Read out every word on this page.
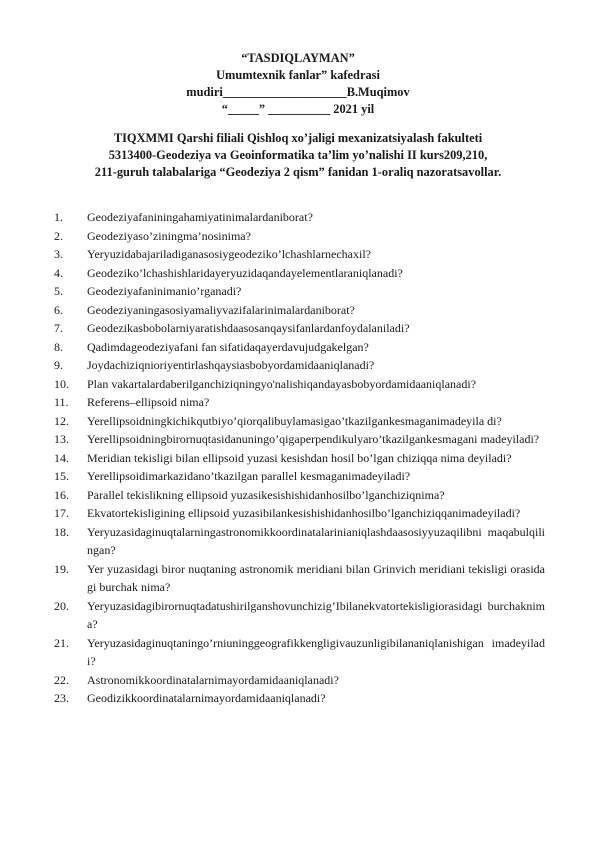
“TASDIQLAYMAN”
Umumtexnik fanlar” kafedrasi
mudiri____________________B.Muqimov
“_____” __________ 2021 yil
TIQXMMI Qarshi filiali Qishloq xo’jaligi mexanizatsiyalash fakulteti
5313400-Geodeziya va Geoinformatika ta’lim yo’nalishi II kurs209,210,
211-guruh talabalariga “Geodeziya 2 qism” fanidan 1-oraliq nazoratsavollar.
1.	Geodeziyafaniningahamiyatinimalardaniborat?
2.	Geodeziyaso’ziningma’nosinima?
3.	Yeryuzidabajariladiganasosiygeodeziko’lchashlarnechaxil?
4.	Geodeziko’lchashishlaridayeryuzidaqandayelementlaraniqlanadi?
5.	Geodeziyafaninimanio’rganadi?
6.	Geodeziyaningasosiyamaliyvazifalarinimalardaniborat?
7.	Geodezikasbobolarniyaratishdaasosanqaysifanlardanfoydalaniladi?
8.	Qadimdageodeziyafani fan sifatidaqayerdavujudgakelgan?
9.	Joydachiziqnioriyentirlashqaysiasbobyordamidaaniqlanadi?
10.	Plan vakartalardaberilganchiziqningyo'nalishiqandayasbobyordamidaaniqlanadi?
11.	Referens–ellipsoid nima?
12.	Yerellipsoidningkichikqutbiyo’qiorqalibuylamasigao’tkazilgankesmaganimadeyila di?
13.	Yerellipsoidningbirornuqtasidanuningo’qigaperpendikulyaro’tkazilgankesmagani madeyiladi?
14.	Meridian tekisligi bilan ellipsoid yuzasi kesishdan hosil bo’lgan chiziqqa nima deyiladi?
15.	Yerellipsoidimarkazidano’tkazilgan parallel kesmaganimadeyiladi?
16.	Parallel tekislikning ellipsoid yuzasikesishishidanhosilbo’lganchiziqnima?
17.	Ekvatortekisligining ellipsoid yuzasibilankesishishidanhosilbo’lganchiziqqanimadeyiladi?
18.	Yeryuzasidaginuqtalarningastronomikkoordinatalarinianiqlashdaasosiyyuzaqilibni maqabulqilingan?
19.	Yer yuzasidagi biror nuqtaning astronomik meridiani bilan Grinvich meridiani tekisligi orasidagi burchak nima?
20.	Yeryuzasidagibirornuqtadatushirilganshovunchizig’Ibilanekvatortekisligiorasidagi burchaknima?
21.	Yeryuzasidaginuqtaningo’rniuninggeografikkengligivauzunligibilananiqlanishigan imadeyiladi?
22.	Astronomikkoordinatalarnimayordamidaaniqlanadi?
23.	Geodizikkoordinatalarnimayordamidaaniqlanadi?
